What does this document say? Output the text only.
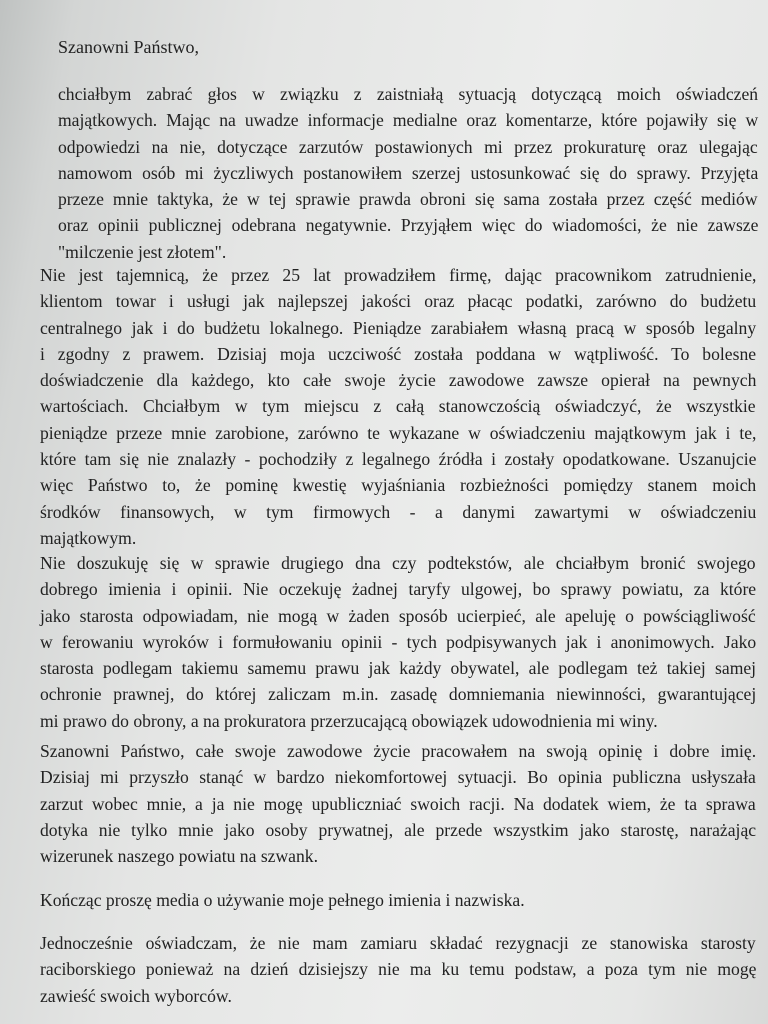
Szanowni Państwo,

chciałbym zabrać głos w związku z zaistniałą sytuacją dotyczącą moich oświadczeń
majątkowych. Mając na uwadze informacje medialne oraz komentarze, które pojawiły się w
odpowiedzi na nie, dotyczące zarzutów postawionych mi przez prokuraturę oraz ulegając
namowom osób mi życzliwych postanowiłem szerzej ustosunkować się do sprawy. Przyjęta
przeze mnie taktyka, że w tej sprawie prawda obroni się sama została przez część mediów
oraz opinii publicznej odebrana negatywnie. Przyjąłem więc do wiadomości, że nie zawsze
"milczenie jest złotem".

Nie jest tajemnicą, że przez 25 lat prowadziłem firmę, dając pracownikom zatrudnienie,
klientom towar i usługi jak najlepszej jakości oraz płacąc podatki, zarówno do budżetu
centralnego jak i do budżetu lokalnego. Pieniądze zarabiałem własną pracą w sposób legalny
i zgodny z prawem. Dzisiaj moja uczciwość została poddana w wątpliwość. To bolesne
doświadczenie dla każdego, kto całe swoje życie zawodowe zawsze opierał na pewnych
wartościach. Chciałbym w tym miejscu z całą stanowczością oświadczyć, że wszystkie
pieniądze przeze mnie zarobione, zarówno te wykazane w oświadczeniu majątkowym jak i te,
które tam się nie znalazły - pochodziły z legalnego źródła i zostały opodatkowane. Uszanujcie
więc Państwo to, że pominę kwestię wyjaśniania rozbieżności pomiędzy stanem moich
środków finansowych, w tym firmowych - a danymi zawartymi w oświadczeniu
majątkowym.

Nie doszukuję się w sprawie drugiego dna czy podtekstów, ale chciałbym bronić swojego
dobrego imienia i opinii. Nie oczekuję żadnej taryfy ulgowej, bo sprawy powiatu, za które
jako starosta odpowiadam, nie mogą w żaden sposób ucierpieć, ale apeluję o powściągliwość
w ferowaniu wyroków i formułowaniu opinii - tych podpisywanych jak i anonimowych. Jako
starosta podlegam takiemu samemu prawu jak każdy obywatel, ale podlegam też takiej samej
ochronie prawnej, do której zaliczam m.in. zasadę domniemania niewinności, gwarantującej
mi prawo do obrony, a na prokuratora przerzucającą obowiązek udowodnienia mi winy.

Szanowni Państwo, całe swoje zawodowe życie pracowałem na swoją opinię i dobre imię.
Dzisiaj mi przyszło stanąć w bardzo niekomfortowej sytuacji. Bo opinia publiczna usłyszała
zarzut wobec mnie, a ja nie mogę upubliczniać swoich racji. Na dodatek wiem, że ta sprawa
dotyka nie tylko mnie jako osoby prywatnej, ale przede wszystkim jako starostę, narażając
wizerunek naszego powiatu na szwank.

Kończąc proszę media o używanie moje pełnego imienia i nazwiska.

Jednocześnie oświadczam, że nie mam zamiaru składać rezygnacji ze stanowiska starosty
raciborskiego ponieważ na dzień dzisiejszy nie ma ku temu podstaw, a poza tym nie mogę
zawieść swoich wyborców.
